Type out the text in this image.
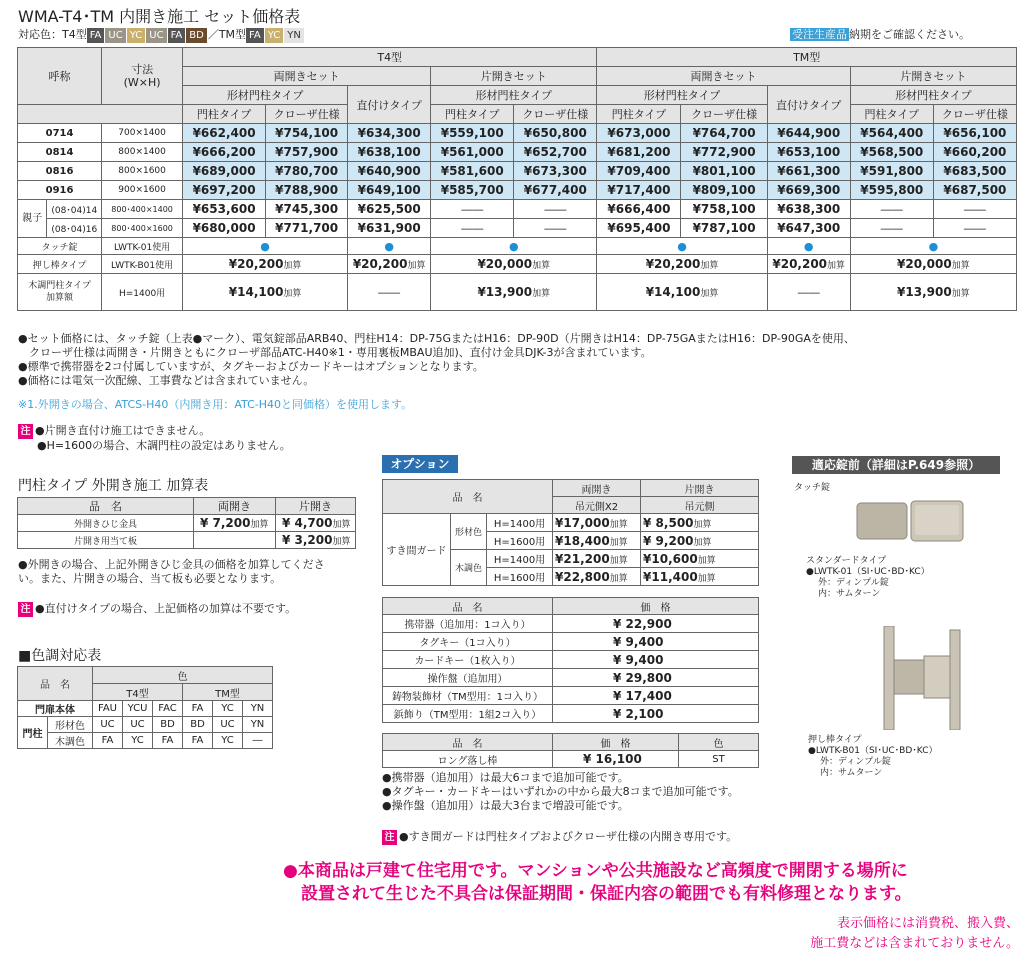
WMA-T4･TM 内開き施工 セット価格表
対応色：T4型 FA UC YC UC FA BD ／TM型 FA YC YN	受注生産品 納期をご確認ください。
呼称		寸法
(W×H)	T4型					TM型				
			両開きセット			片開きセット		両開きセット			片開きセット	
			形材門柱タイプ		直付けタイプ	形材門柱タイプ		形材門柱タイプ		直付けタイプ	形材門柱タイプ	
			門柱タイプ	クローザ仕様		門柱タイプ	クローザ仕様	門柱タイプ	クローザ仕様		門柱タイプ	クローザ仕様
0714		700×1400	¥662,400	¥754,100	¥634,300	¥559,100	¥650,800	¥673,000	¥764,700	¥644,900	¥564,400	¥656,100
0814		800×1400	¥666,200	¥757,900	¥638,100	¥561,000	¥652,700	¥681,200	¥772,900	¥653,100	¥568,500	¥660,200
0816		800×1600	¥689,000	¥780,700	¥640,900	¥581,600	¥673,300	¥709,400	¥801,100	¥661,300	¥591,800	¥683,500
0916		900×1600	¥697,200	¥788,900	¥649,100	¥585,700	¥677,400	¥717,400	¥809,100	¥669,300	¥595,800	¥687,500
親子	(08･04)14	800･400×1400	¥653,600	¥745,300	¥625,500	――	――	¥666,400	¥758,100	¥638,300	――	――
	(08･04)16	800･400×1600	¥680,000	¥771,700	¥631,900	――	――	¥695,400	¥787,100	¥647,300	――	――
タッチ錠		LWTK-01使用	●		●	●		●		●	●	
押し棒タイプ		LWTK-B01使用	¥20,200加算		¥20,200加算	¥20,000加算		¥20,200加算		¥20,200加算	¥20,000加算	
木調門柱タイプ
加算額		H=1400用	¥14,100加算		――	¥13,900加算		¥14,100加算		――	¥13,900加算	
●セット価格には、タッチ錠（上表●マーク）、電気錠部品ARB40、門柱H14：DP-75GまたはH16：DP-90D（片開きはH14：DP-75GAまたはH16：DP-90GAを使用、
　クローザ仕様は両開き・片開きともにクローザ部品ATC-H40※1・専用裏板MBAU追加)、直付け金具DJK-3が含まれています。
●標準で携帯器を2コ付属していますが、タグキーおよびカードキーはオプションとなります。
●価格には電気一次配線、工事費などは含まれていません。
※1.外開きの場合、ATCS-H40（内開き用：ATC-H40と同価格）を使用します。
注 ●片開き直付け施工はできません。
●H=1600の場合、木調門柱の設定はありません。
門柱タイプ 外開き施工 加算表
品　名	両開き	片開き
外開きひじ金具	¥ 7,200加算	¥ 4,700加算
片開き用当て板		¥ 3,200加算
●外開きの場合、上記外開きひじ金具の価格を加算してくださ
い。また、片開きの場合、当て板も必要となります。
注 ●直付けタイプの場合、上記価格の加算は不要です。
■色調対応表
品　名		色					
		T4型			TM型		
門扉本体		FAU	YCU	FAC	FA	YC	YN
門柱	形材色	UC	UC	BD	BD	UC	YN
	木調色	FA	YC	FA	FA	YC	―
オプション
品　名			両開き	片開き
			吊元側X2	吊元側
すき間ガード	形材色	H=1400用	¥17,000加算	¥ 8,500加算
		H=1600用	¥18,400加算	¥ 9,200加算
	木調色	H=1400用	¥21,200加算	¥10,600加算
		H=1600用	¥22,800加算	¥11,400加算
品　名	価　格
携帯器（追加用：1コ入り）	¥ 22,900
タグキー（1コ入り）	¥ 9,400
カードキー（1枚入り）	¥ 9,400
操作盤（追加用）	¥ 29,800
鋳物装飾材（TM型用：1コ入り）	¥ 17,400
鋲飾り（TM型用：1組2コ入り）	¥ 2,100
品　名	価　格	色
ロング落し棒	¥ 16,100	ST
●携帯器（追加用）は最大6コまで追加可能です。
●タグキー・カードキーはいずれかの中から最大8コまで追加可能です。
●操作盤（追加用）は最大3台まで増設可能です。
注 ●すき間ガードは門柱タイプおよびクローザ仕様の内開き専用です。
適応錠前（詳細はP.649参照）
タッチ錠
スタンダードタイプ
●LWTK-01（SI･UC･BD･KC）
外：ディンプル錠
内：サムターン
押し棒タイプ
●LWTK-B01（SI･UC･BD･KC）
外：ディンプル錠
内：サムターン
●本商品は戸建て住宅用です。マンションや公共施設など高頻度で開閉する場所に
設置されて生じた不具合は保証期間・保証内容の範囲でも有料修理となります。
表示価格には消費税、搬入費、
施工費などは含まれておりません。
